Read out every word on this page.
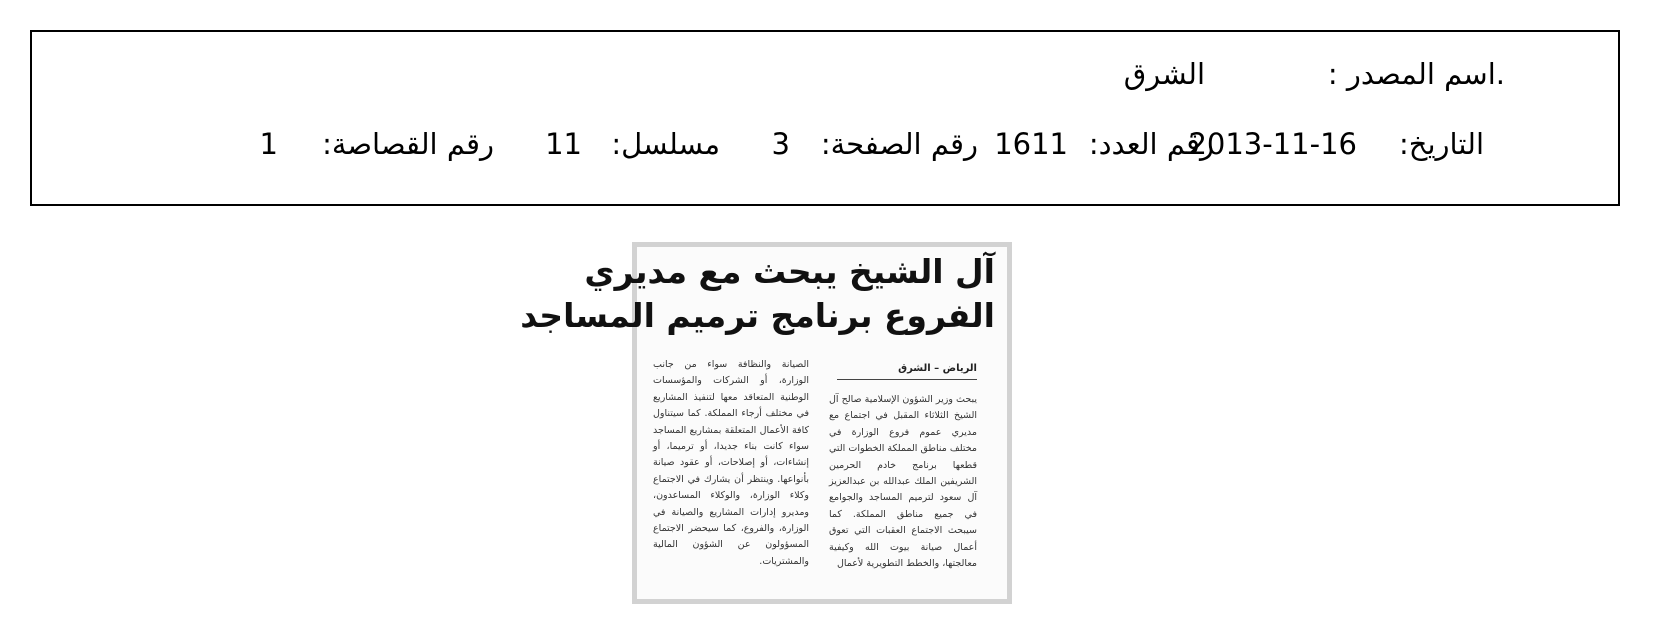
.اسم المصدر :
الشرق
التاريخ:
2013-11-16
رقم العدد:
1611
رقم الصفحة:
3
مسلسل:
11
رقم القصاصة:
1
آل الشيخ يبحث مع مديري
الفروع برنامج ترميم المساجد
الرياض – الشرق
يبحث وزير الشؤون الإسلامية صالح آل الشيخ الثلاثاء المقبل في اجتماع مع مديري عموم فروع الوزارة في مختلف مناطق المملكة الخطوات التي قطعها برنامج خادم الحرمين الشريفين الملك عبدالله بن عبدالعزيز آل سعود لترميم المساجد والجوامع في جميع مناطق المملكة. كما سيبحث الاجتماع العقبات التي تعوق أعمال صيانة بيوت الله وكيفية معالجتها، والخطط التطويرية لأعمال
الصيانة والنظافة سواء من جانب الوزارة، أو الشركات والمؤسسات الوطنية المتعاقد معها لتنفيذ المشاريع في مختلف أرجاء المملكة. كما سيتناول كافة الأعمال المتعلقة بمشاريع المساجد سواء كانت بناء جديدا، أو ترميما، أو إنشاءات، أو إصلاحات، أو عقود صيانة بأنواعها. وينتظر أن يشارك في الاجتماع وكلاء الوزارة، والوكلاء المساعدون، ومديرو إدارات المشاريع والصيانة في الوزارة، والفروع، كما سيحضر الاجتماع المسؤولون عن الشؤون المالية والمشتريات.
